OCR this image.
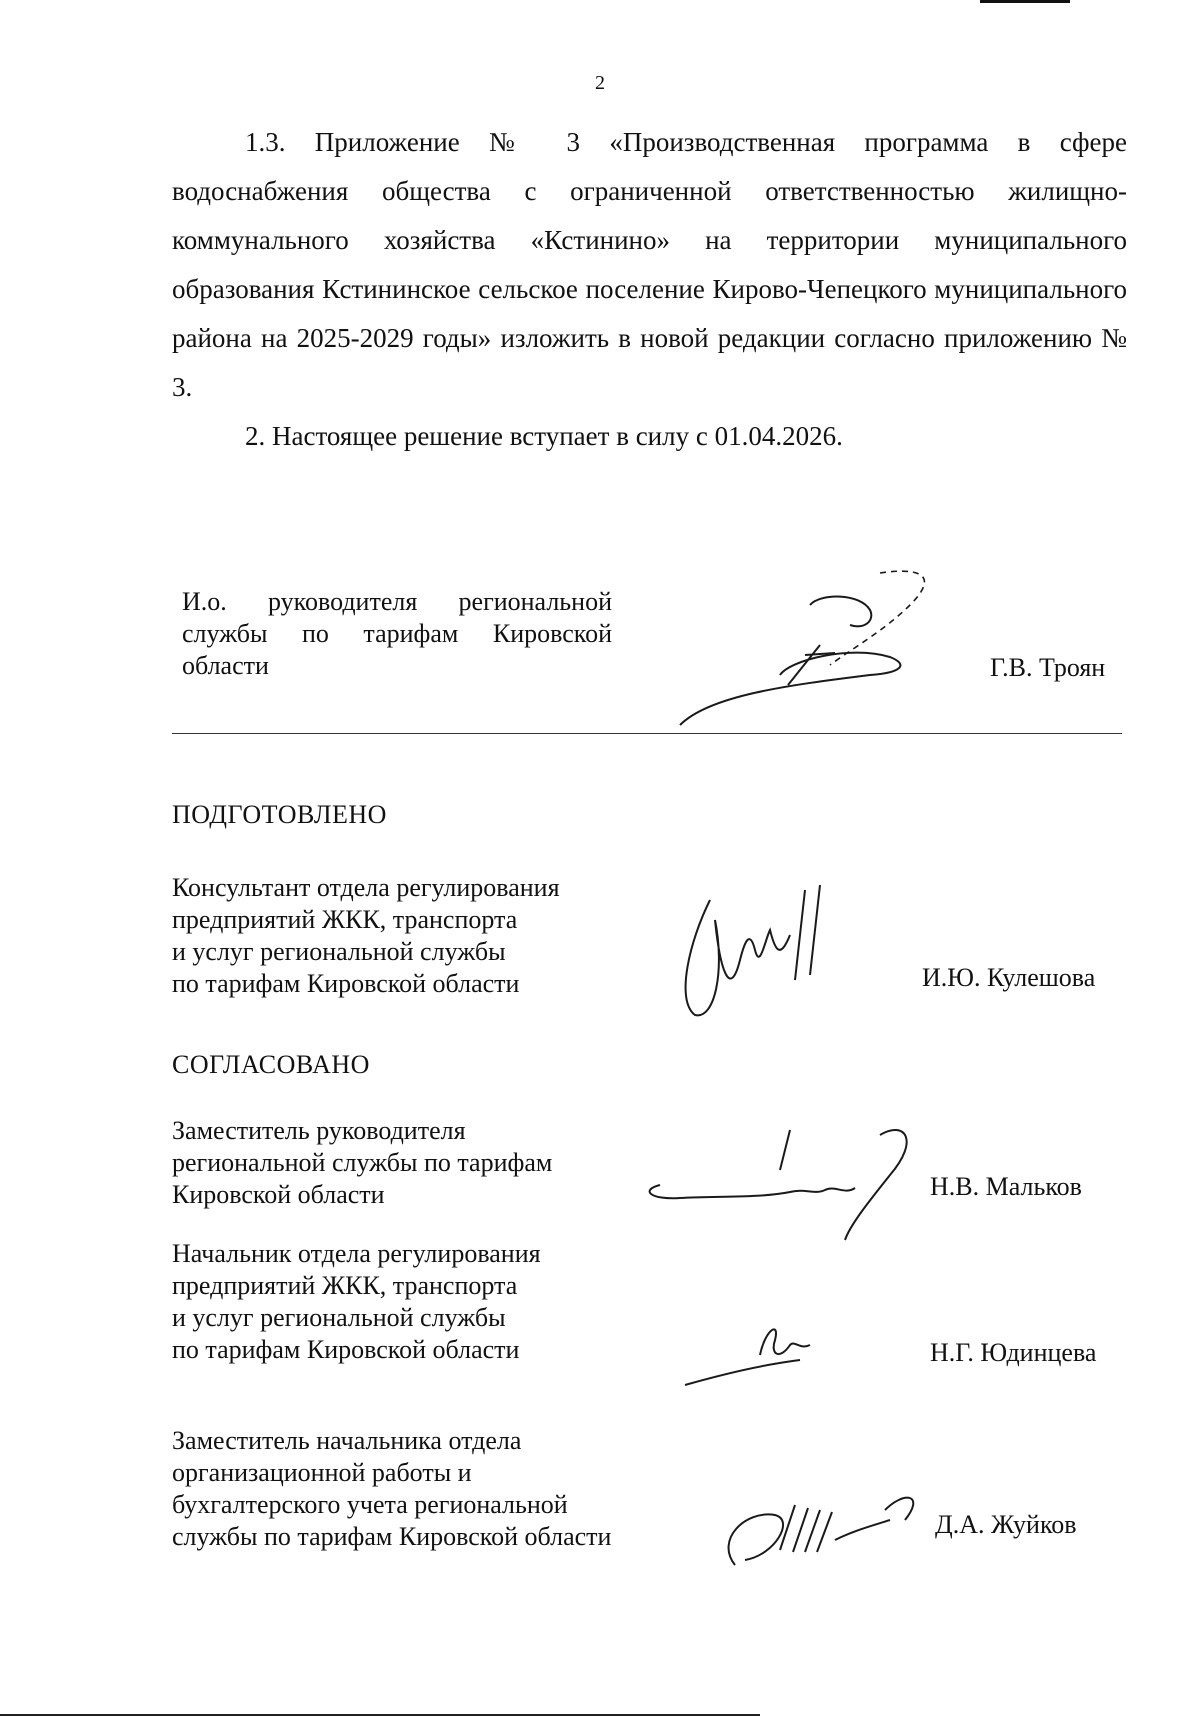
2

1.3. Приложение № 3 «Производственная программа в сфере водоснабжения общества с ограниченной ответственностью жилищно-коммунального хозяйства «Кстинино» на территории муниципального образования Кстининское сельское поселение Кирово-Чепецкого муниципального района на 2025-2029 годы» изложить в новой редакции согласно приложению № 3.

2. Настоящее решение вступает в силу с 01.04.2026.

И.о. руководителя региональной
службы по тарифам Кировской
области	Г.В. Троян
ПОДГОТОВЛЕНО
Консультант отдела регулирования
предприятий ЖКК, транспорта
и услуг региональной службы
по тарифам Кировской области	И.Ю. Кулешова
СОГЛАСОВАНО
Заместитель руководителя
региональной службы по тарифам
Кировской области	Н.В. Мальков
Начальник отдела регулирования
предприятий ЖКК, транспорта
и услуг региональной службы
по тарифам Кировской области	Н.Г. Юдинцева
Заместитель начальника отдела
организационной работы и
бухгалтерского учета региональной
службы по тарифам Кировской области	Д.А. Жуйков
